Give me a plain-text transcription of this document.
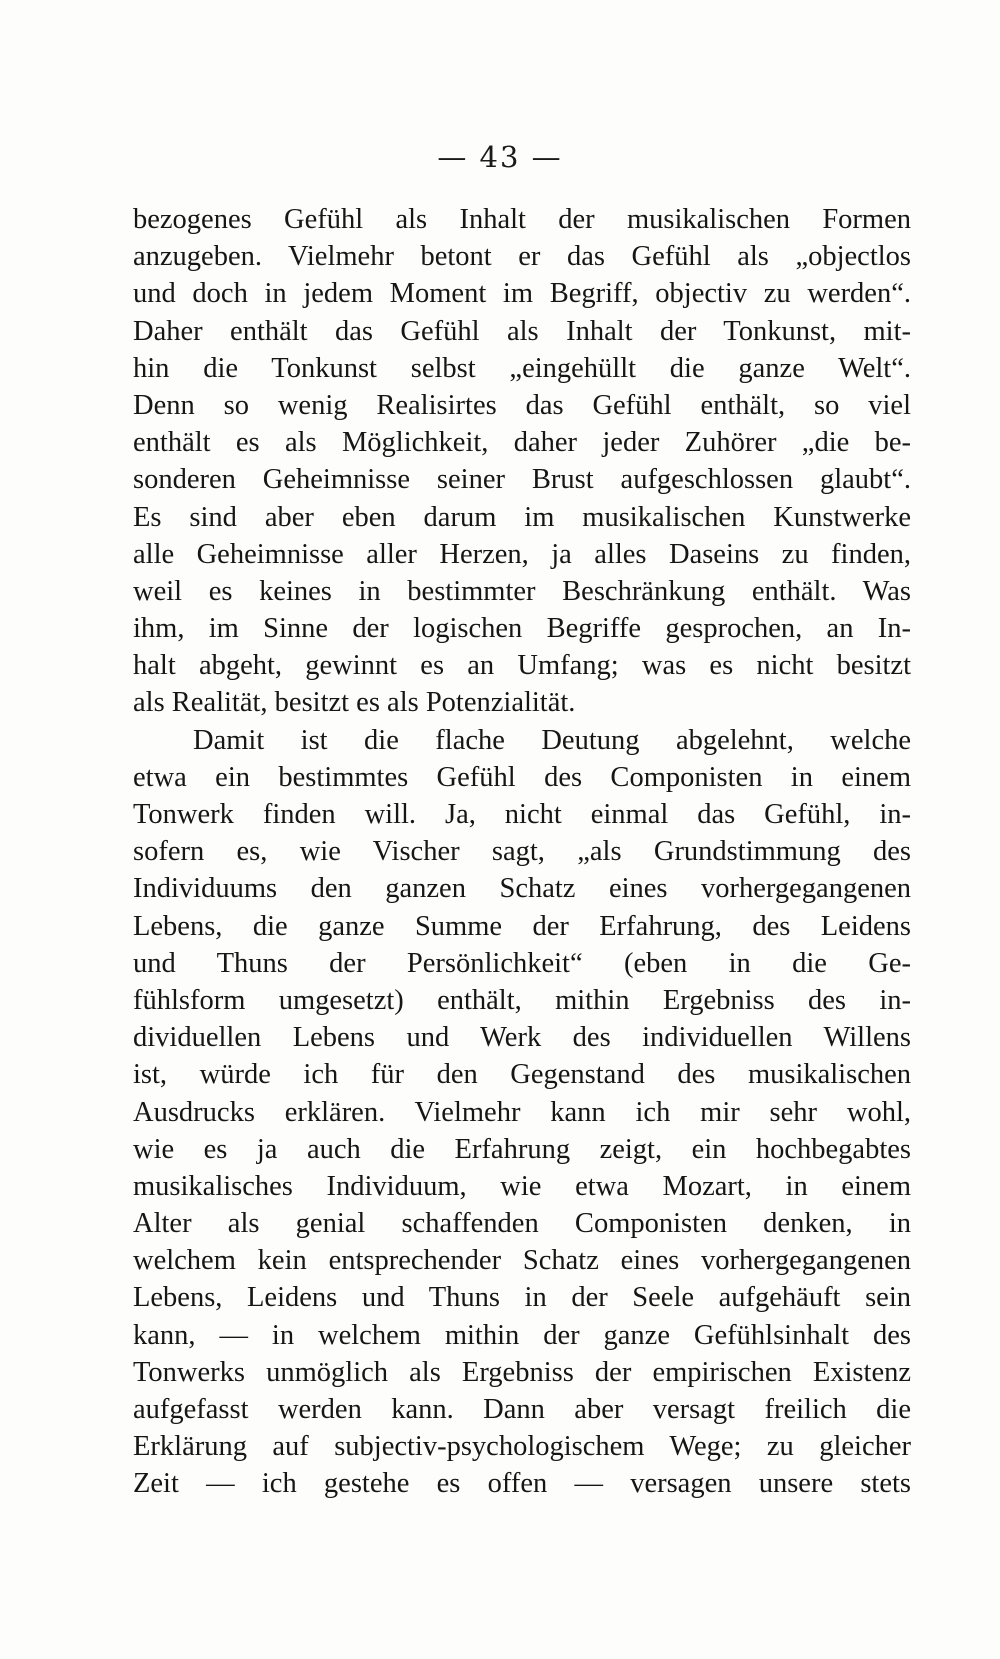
— 43 —
bezogenes Gefühl als Inhalt der musikalischen Formen
anzugeben. Vielmehr betont er das Gefühl als „objectlos
und doch in jedem Moment im Begriff, objectiv zu werden“.
Daher enthält das Gefühl als Inhalt der Tonkunst, mit-
hin die Tonkunst selbst „eingehüllt die ganze Welt“.
Denn so wenig Realisirtes das Gefühl enthält, so viel
enthält es als Möglichkeit, daher jeder Zuhörer „die be-
sonderen Geheimnisse seiner Brust aufgeschlossen glaubt“.
Es sind aber eben darum im musikalischen Kunstwerke
alle Geheimnisse aller Herzen, ja alles Daseins zu finden,
weil es keines in bestimmter Beschränkung enthält. Was
ihm, im Sinne der logischen Begriffe gesprochen, an In-
halt abgeht, gewinnt es an Umfang; was es nicht besitzt
als Realität, besitzt es als Potenzialität.
Damit ist die flache Deutung abgelehnt, welche
etwa ein bestimmtes Gefühl des Componisten in einem
Tonwerk finden will. Ja, nicht einmal das Gefühl, in-
sofern es, wie Vischer sagt, „als Grundstimmung des
Individuums den ganzen Schatz eines vorhergegangenen
Lebens, die ganze Summe der Erfahrung, des Leidens
und Thuns der Persönlichkeit“ (eben in die Ge-
fühlsform umgesetzt) enthält, mithin Ergebniss des in-
dividuellen Lebens und Werk des individuellen Willens
ist, würde ich für den Gegenstand des musikalischen
Ausdrucks erklären. Vielmehr kann ich mir sehr wohl,
wie es ja auch die Erfahrung zeigt, ein hochbegabtes
musikalisches Individuum, wie etwa Mozart, in einem
Alter als genial schaffenden Componisten denken, in
welchem kein entsprechender Schatz eines vorhergegangenen
Lebens, Leidens und Thuns in der Seele aufgehäuft sein
kann, — in welchem mithin der ganze Gefühlsinhalt des
Tonwerks unmöglich als Ergebniss der empirischen Existenz
aufgefasst werden kann. Dann aber versagt freilich die
Erklärung auf subjectiv-psychologischem Wege; zu gleicher
Zeit — ich gestehe es offen — versagen unsere stets
